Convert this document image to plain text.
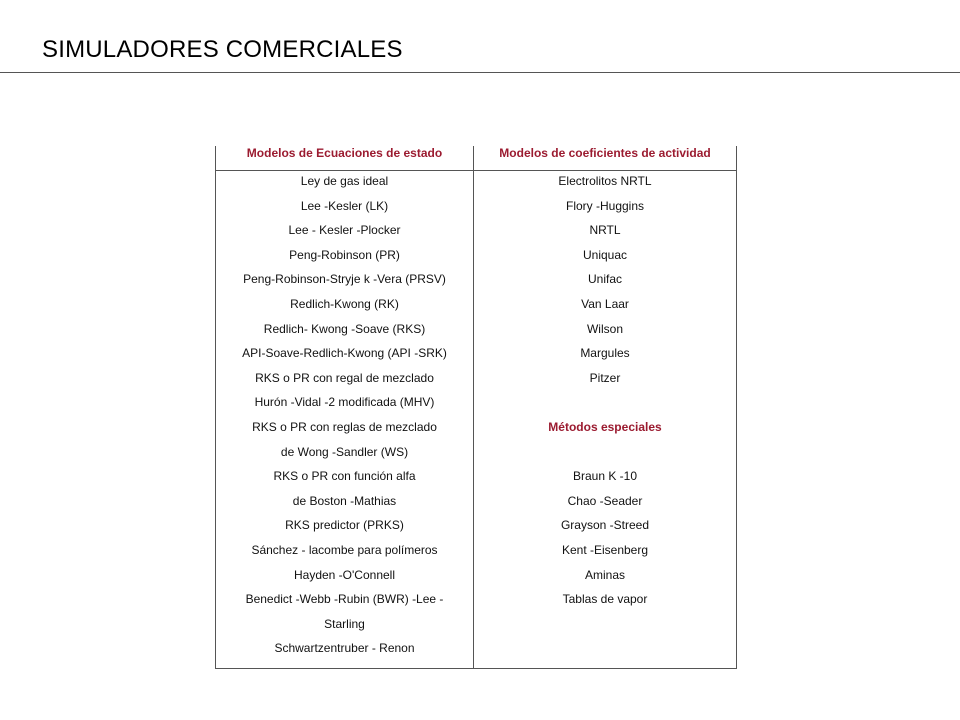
SIMULADORES COMERCIALES
Modelos de Ecuaciones de estado
Ley de gas ideal
Lee -Kesler (LK)
Lee - Kesler -Plocker
Peng-Robinson (PR)
Peng-Robinson-Stryje k -Vera (PRSV)
Redlich-Kwong (RK)
Redlich- Kwong -Soave (RKS)
API-Soave-Redlich-Kwong (API -SRK)
RKS o PR con regal de mezclado
Hurón -Vidal -2 modificada (MHV)
RKS o PR con reglas de mezclado
de Wong -Sandler (WS)
RKS o PR con función alfa
de Boston -Mathias
RKS predictor (PRKS)
Sánchez - lacombe para polímeros
Hayden -O'Connell
Benedict -Webb -Rubin (BWR) -Lee -
Starling
Schwartzentruber - Renon
Modelos de coeficientes de actividad
Electrolitos NRTL
Flory -Huggins
NRTL
Uniquac
Unifac
Van Laar
Wilson
Margules
Pitzer
Métodos especiales
Braun K -10
Chao -Seader
Grayson -Streed
Kent -Eisenberg
Aminas
Tablas de vapor
